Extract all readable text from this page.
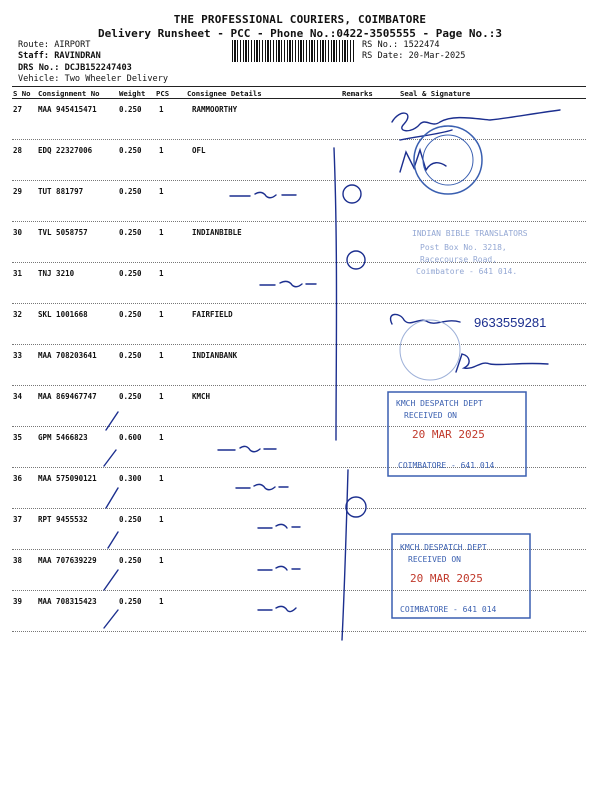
THE PROFESSIONAL COURIERS, COIMBATORE
Delivery Runsheet - PCC - Phone No.:0422-3505555 - Page No.:3
Route: AIRPORT
Staff: RAVINDRAN
DRS No.: DCJB152247403
Vehicle: Two Wheeler Delivery
RS No.: 1522474
RS Date: 20-Mar-2025
S No Consignment No	Weight PCS Consignee Details	Remarks	Seal & Signature
27 MAA 945415471	0.250 1	RAMMOORTHY
28 EDQ 22327006	0.250 1	OFL
29 TUT 881797	0.250 1
30 TVL 5058757	0.250 1	INDIANBIBLE
31 TNJ 3210	0.250 1
32 SKL 1001668	0.250 1	FAIRFIELD
33 MAA 708203641	0.250 1	INDIANBANK
34 MAA 869467747	0.250 1	KMCH
35 GPM 5466823	0.600 1
36 MAA 575090121	0.300 1
37 RPT 9455532	0.250 1
38 MAA 707639229	0.250 1
39 MAA 708315423	0.250 1
9633559281
INDIAN BIBLE TRANSLATORS
Post Box No. 3218,
Racecourse Road,
Coimbatore - 641 014.
KMCH DESPATCH DEPT
RECEIVED ON
20 MAR 2025
COIMBATORE - 641 014
KMCH DESPATCH DEPT
RECEIVED ON
20 MAR 2025
COIMBATORE - 641 014
